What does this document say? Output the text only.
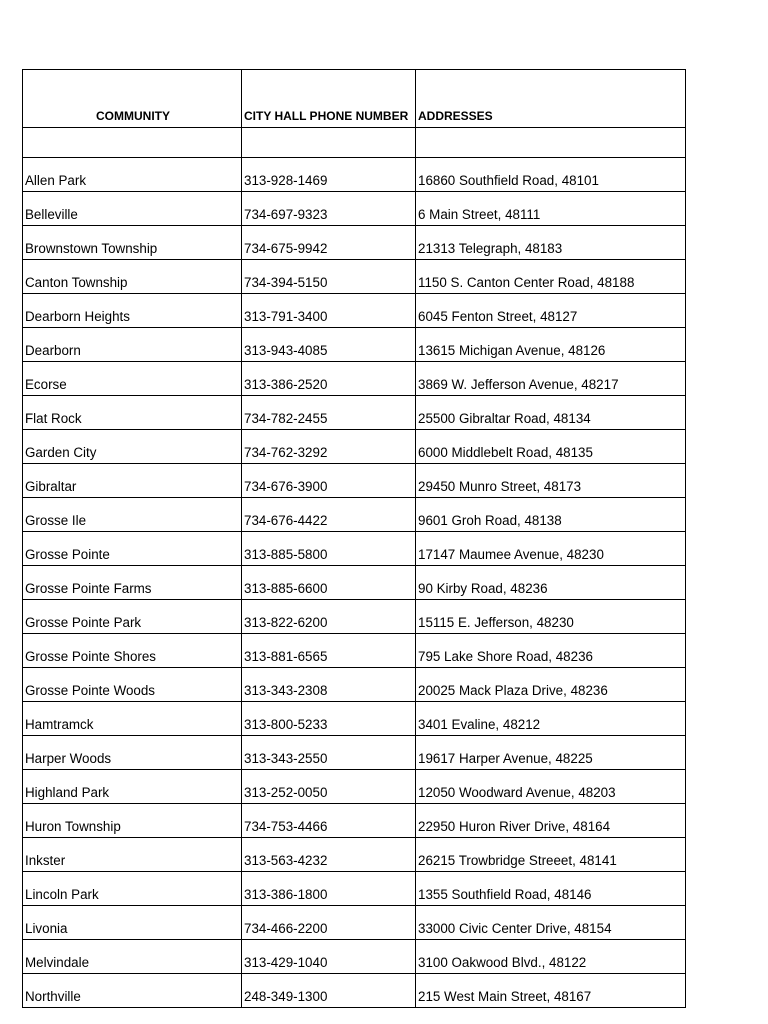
COMMUNITY	CITY HALL PHONE NUMBER	ADDRESSES

Allen Park	313-928-1469	16860 Southfield Road, 48101
Belleville	734-697-9323	6 Main Street, 48111
Brownstown Township	734-675-9942	21313 Telegraph, 48183
Canton Township	734-394-5150	1150 S. Canton Center Road, 48188
Dearborn Heights	313-791-3400	6045 Fenton Street, 48127
Dearborn	313-943-4085	13615 Michigan Avenue, 48126
Ecorse	313-386-2520	3869 W. Jefferson Avenue, 48217
Flat Rock	734-782-2455	25500 Gibraltar Road, 48134
Garden City	734-762-3292	6000 Middlebelt Road, 48135
Gibraltar	734-676-3900	29450 Munro Street, 48173
Grosse Ile	734-676-4422	9601 Groh Road, 48138
Grosse Pointe	313-885-5800	17147 Maumee Avenue, 48230
Grosse Pointe Farms	313-885-6600	90 Kirby Road, 48236
Grosse Pointe Park	313-822-6200	15115 E. Jefferson, 48230
Grosse Pointe Shores	313-881-6565	795 Lake Shore Road, 48236
Grosse Pointe Woods	313-343-2308	20025 Mack Plaza Drive, 48236
Hamtramck	313-800-5233	3401 Evaline, 48212
Harper Woods	313-343-2550	19617 Harper Avenue, 48225
Highland Park	313-252-0050	12050 Woodward Avenue, 48203
Huron Township	734-753-4466	22950 Huron River Drive, 48164
Inkster	313-563-4232	26215 Trowbridge Streeet, 48141
Lincoln Park	313-386-1800	1355 Southfield Road, 48146
Livonia	734-466-2200	33000 Civic Center Drive, 48154
Melvindale	313-429-1040	3100 Oakwood Blvd., 48122
Northville	248-349-1300	215 West Main Street, 48167
